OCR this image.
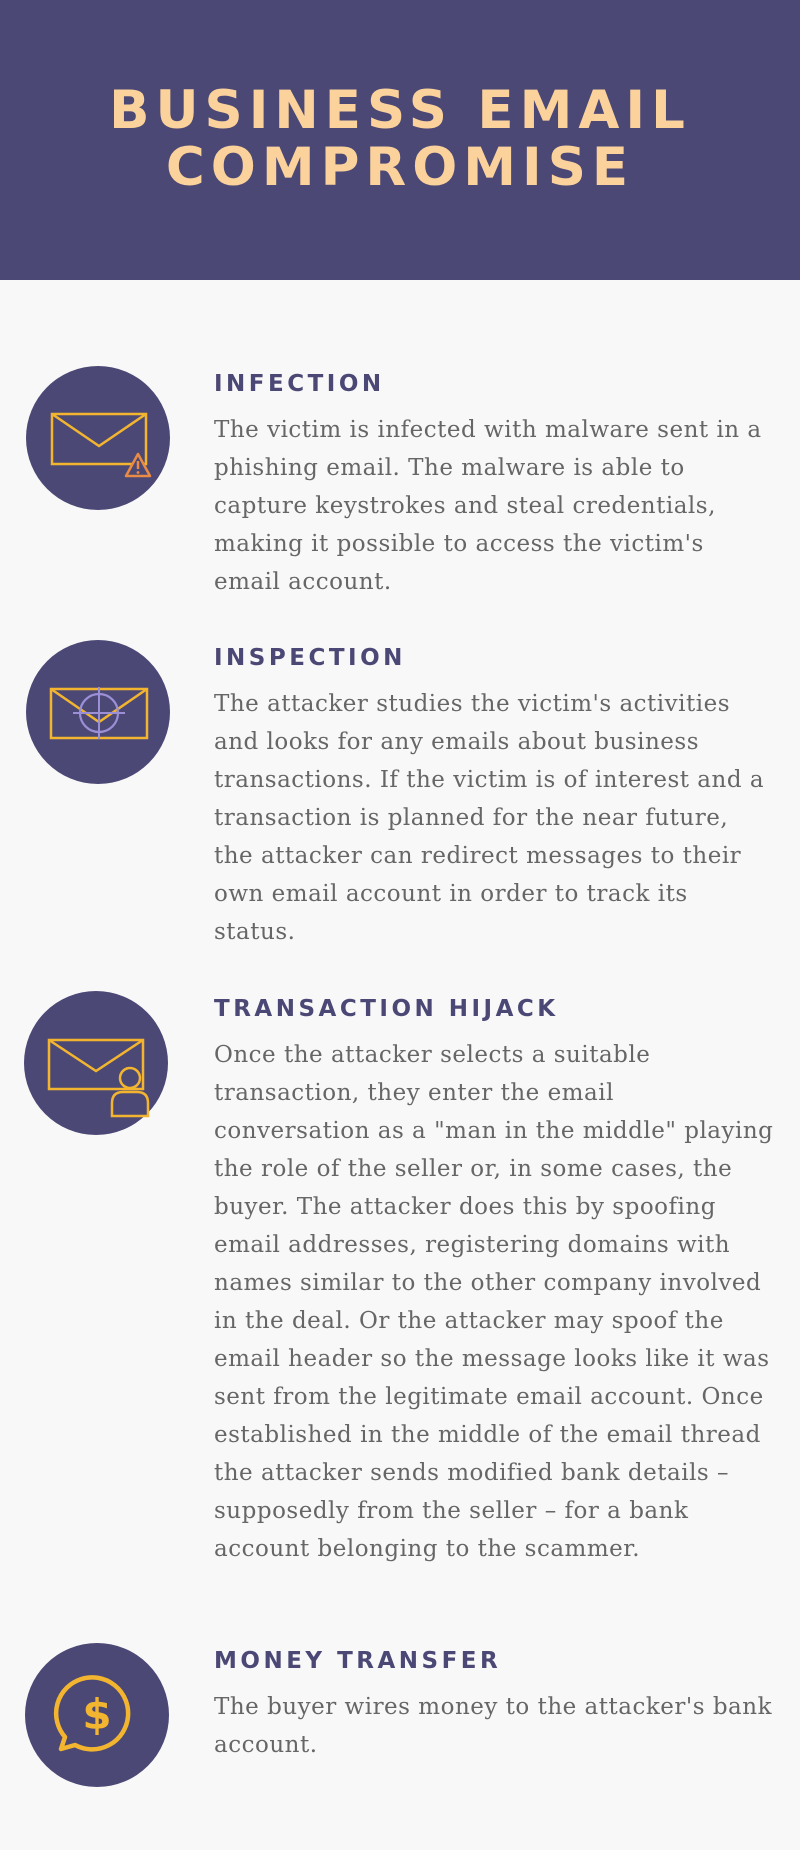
BUSINESS EMAIL
COMPROMISE
INFECTION
The victim is infected with malware sent in a phishing email. The malware is able to capture keystrokes and steal credentials, making it possible to access the victim's email account.
INSPECTION
The attacker studies the victim's activities and looks for any emails about business transactions. If the victim is of interest and a transaction is planned for the near future, the attacker can redirect messages to their own email account in order to track its status.
TRANSACTION HIJACK
Once the attacker selects a suitable transaction, they enter the email conversation as a "man in the middle" playing the role of the seller or, in some cases, the buyer. The attacker does this by spoofing email addresses, registering domains with names similar to the other company involved in the deal. Or the attacker may spoof the email header so the message looks like it was sent from the legitimate email account. Once established in the middle of the email thread the attacker sends modified bank details – supposedly from the seller – for a bank account belonging to the scammer.
$
MONEY TRANSFER
The buyer wires money to the attacker's bank account.
